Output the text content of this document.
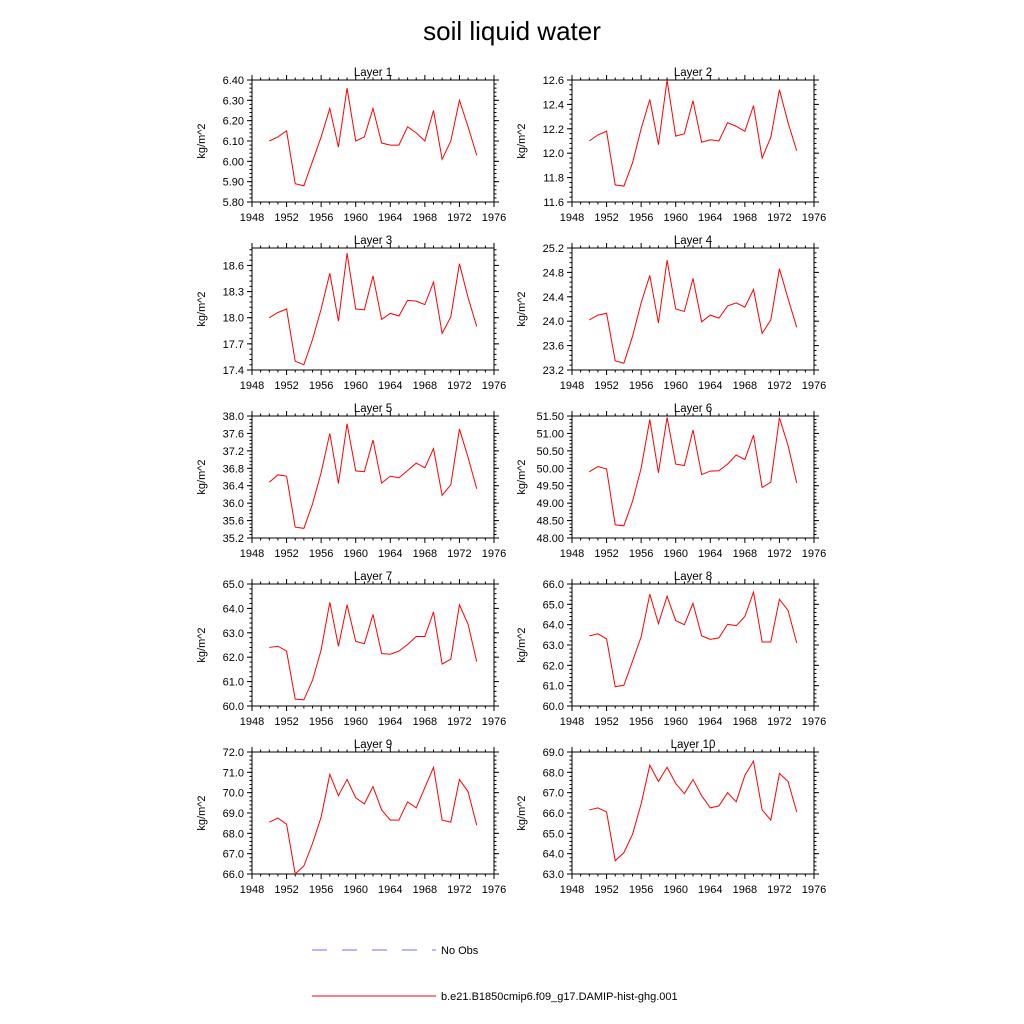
soil liquid water
Layer 1
kg/m^2
1948 1952 1956 1960 1964 1968 1972 1976
5.80
5.90
6.00
6.10
6.20
6.30
6.40
Layer 2
kg/m^2
1948 1952 1956 1960 1964 1968 1972 1976
11.6
11.8
12.0
12.2
12.4
12.6
Layer 3
kg/m^2
1948 1952 1956 1960 1964 1968 1972 1976
17.4
17.7
18.0
18.3
18.6
Layer 4
kg/m^2
1948 1952 1956 1960 1964 1968 1972 1976
23.2
23.6
24.0
24.4
24.8
25.2
Layer 5
kg/m^2
1948 1952 1956 1960 1964 1968 1972 1976
35.2
35.6
36.0
36.4
36.8
37.2
37.6
38.0
Layer 6
kg/m^2
1948 1952 1956 1960 1964 1968 1972 1976
48.00
48.50
49.00
49.50
50.00
50.50
51.00
51.50
Layer 7
kg/m^2
1948 1952 1956 1960 1964 1968 1972 1976
60.0
61.0
62.0
63.0
64.0
65.0
Layer 8
kg/m^2
1948 1952 1956 1960 1964 1968 1972 1976
60.0
61.0
62.0
63.0
64.0
65.0
66.0
Layer 9
kg/m^2
1948 1952 1956 1960 1964 1968 1972 1976
66.0
67.0
68.0
69.0
70.0
71.0
72.0
Layer 10
kg/m^2
1948 1952 1956 1960 1964 1968 1972 1976
63.0
64.0
65.0
66.0
67.0
68.0
69.0
No Obs
b.e21.B1850cmip6.f09_g17.DAMIP-hist-ghg.001
